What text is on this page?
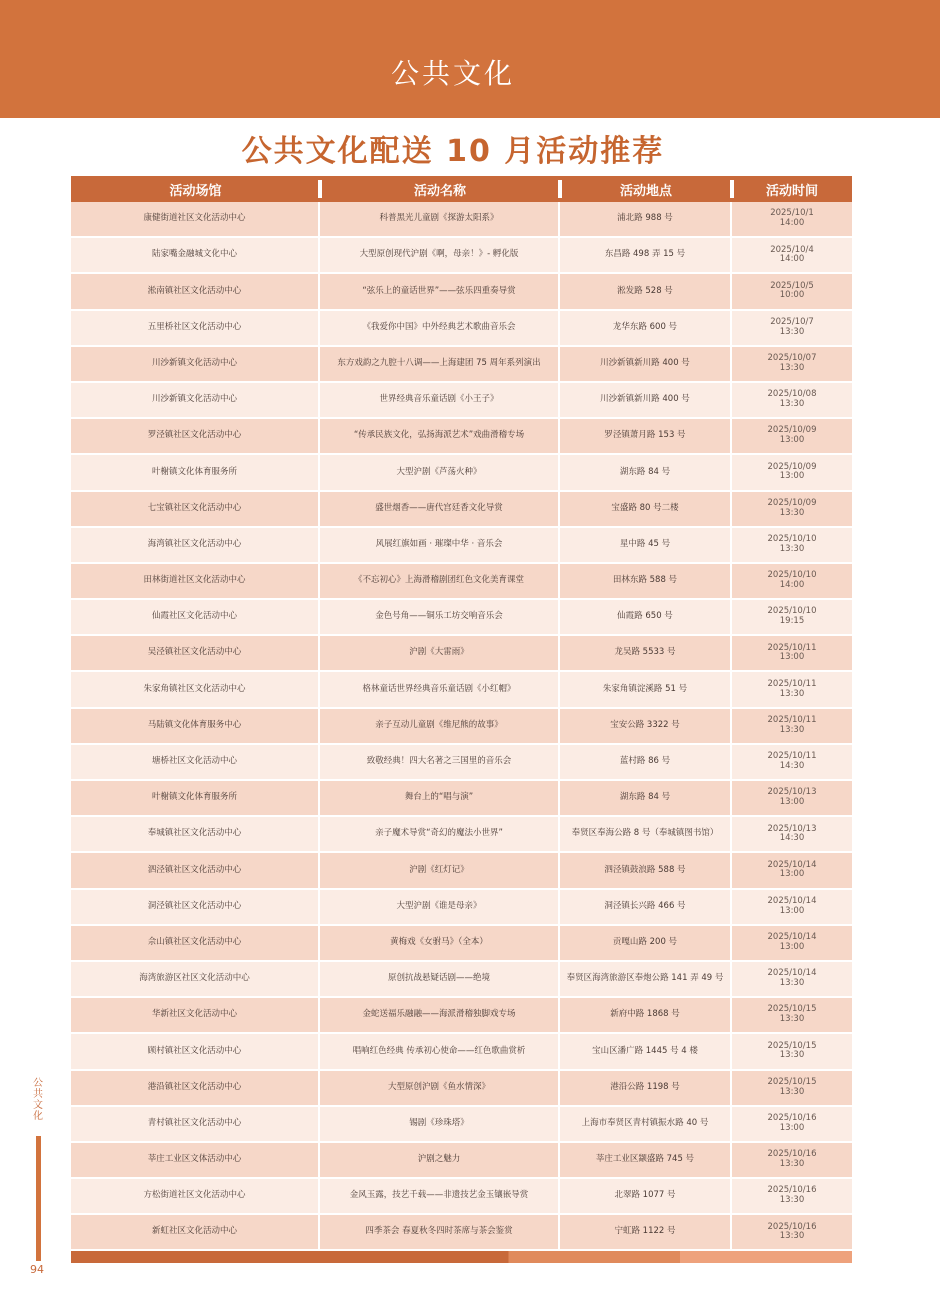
公共文化
公共文化配送 10 月活动推荐
活动场馆	活动名称	活动地点	活动时间
康健街道社区文化活动中心	科普黑光儿童剧《探游太阳系》	浦北路 988 号	2025/10/1
14:00
陆家嘴金融城文化中心	大型原创现代沪剧《啊，母亲！》- 孵化版	东昌路 498 弄 15 号	2025/10/4
14:00
淞南镇社区文化活动中心	“弦乐上的童话世界”——弦乐四重奏导赏	淞发路 528 号	2025/10/5
10:00
五里桥社区文化活动中心	《我爱你中国》中外经典艺术歌曲音乐会	龙华东路 600 号	2025/10/7
13:30
川沙新镇文化活动中心	东方戏韵之九腔十八调——上海建团 75 周年系列演出	川沙新镇新川路 400 号	2025/10/07
13:30
川沙新镇文化活动中心	世界经典音乐童话剧《小王子》	川沙新镇新川路 400 号	2025/10/08
13:30
罗泾镇社区文化活动中心	“传承民族文化，弘扬海派艺术”戏曲滑稽专场	罗泾镇萧月路 153 号	2025/10/09
13:00
叶榭镇文化体育服务所	大型沪剧《芦荡火种》	湖东路 84 号	2025/10/09
13:00
七宝镇社区文化活动中心	盛世烟香——唐代宫廷香文化导赏	宝盛路 80 号二楼	2025/10/09
13:30
海湾镇社区文化活动中心	风展红旗如画 · 璀璨中华 · 音乐会	星中路 45 号	2025/10/10
13:30
田林街道社区文化活动中心	《不忘初心》上海滑稽剧团红色文化美育课堂	田林东路 588 号	2025/10/10
14:00
仙霞社区文化活动中心	金色号角——铜乐工坊交响音乐会	仙霞路 650 号	2025/10/10
19:15
吴泾镇社区文化活动中心	沪剧《大雷雨》	龙吴路 5533 号	2025/10/11
13:00
朱家角镇社区文化活动中心	格林童话世界经典音乐童话剧《小红帽》	朱家角镇淀溪路 51 号	2025/10/11
13:30
马陆镇文化体育服务中心	亲子互动儿童剧《维尼熊的故事》	宝安公路 3322 号	2025/10/11
13:30
塘桥社区文化活动中心	致敬经典！四大名著之三国里的音乐会	蓝村路 86 号	2025/10/11
14:30
叶榭镇文化体育服务所	舞台上的“唱与演”	湖东路 84 号	2025/10/13
13:00
奉城镇社区文化活动中心	亲子魔术导赏“奇幻的魔法小世界”	奉贤区奉海公路 8 号（奉城镇图书馆）	2025/10/13
14:30
泗泾镇社区文化活动中心	沪剧《红灯记》	泗泾镇鼓浪路 588 号	2025/10/14
13:00
洞泾镇社区文化活动中心	大型沪剧《谁是母亲》	洞泾镇长兴路 466 号	2025/10/14
13:00
佘山镇社区文化活动中心	黄梅戏《女驸马》（全本）	贡嘎山路 200 号	2025/10/14
13:00
海湾旅游区社区文化活动中心	原创抗战悬疑话剧——绝境	奉贤区海湾旅游区奉炮公路 141 弄 49 号	2025/10/14
13:30
华新社区文化活动中心	金蛇送福乐融融——海派滑稽独脚戏专场	新府中路 1868 号	2025/10/15
13:30
顾村镇社区文化活动中心	唱响红色经典 传承初心使命——红色歌曲赏析	宝山区潘广路 1445 号 4 楼	2025/10/15
13:30
港沿镇社区文化活动中心	大型原创沪剧《鱼水情深》	港沿公路 1198 号	2025/10/15
13:30
青村镇社区文化活动中心	锡剧《珍珠塔》	上海市奉贤区青村镇振水路 40 号	2025/10/16
13:00
莘庄工业区文体活动中心	沪剧之魅力	莘庄工业区颛盛路 745 号	2025/10/16
13:30
方松街道社区文化活动中心	金风玉露，技艺千载——非遗技艺金玉镶嵌导赏	北翠路 1077 号	2025/10/16
13:30
新虹社区文化活动中心	四季茶会 春夏秋冬四时茶席与茶会鉴赏	宁虹路 1122 号	2025/10/16
13:30
公共文化
94
